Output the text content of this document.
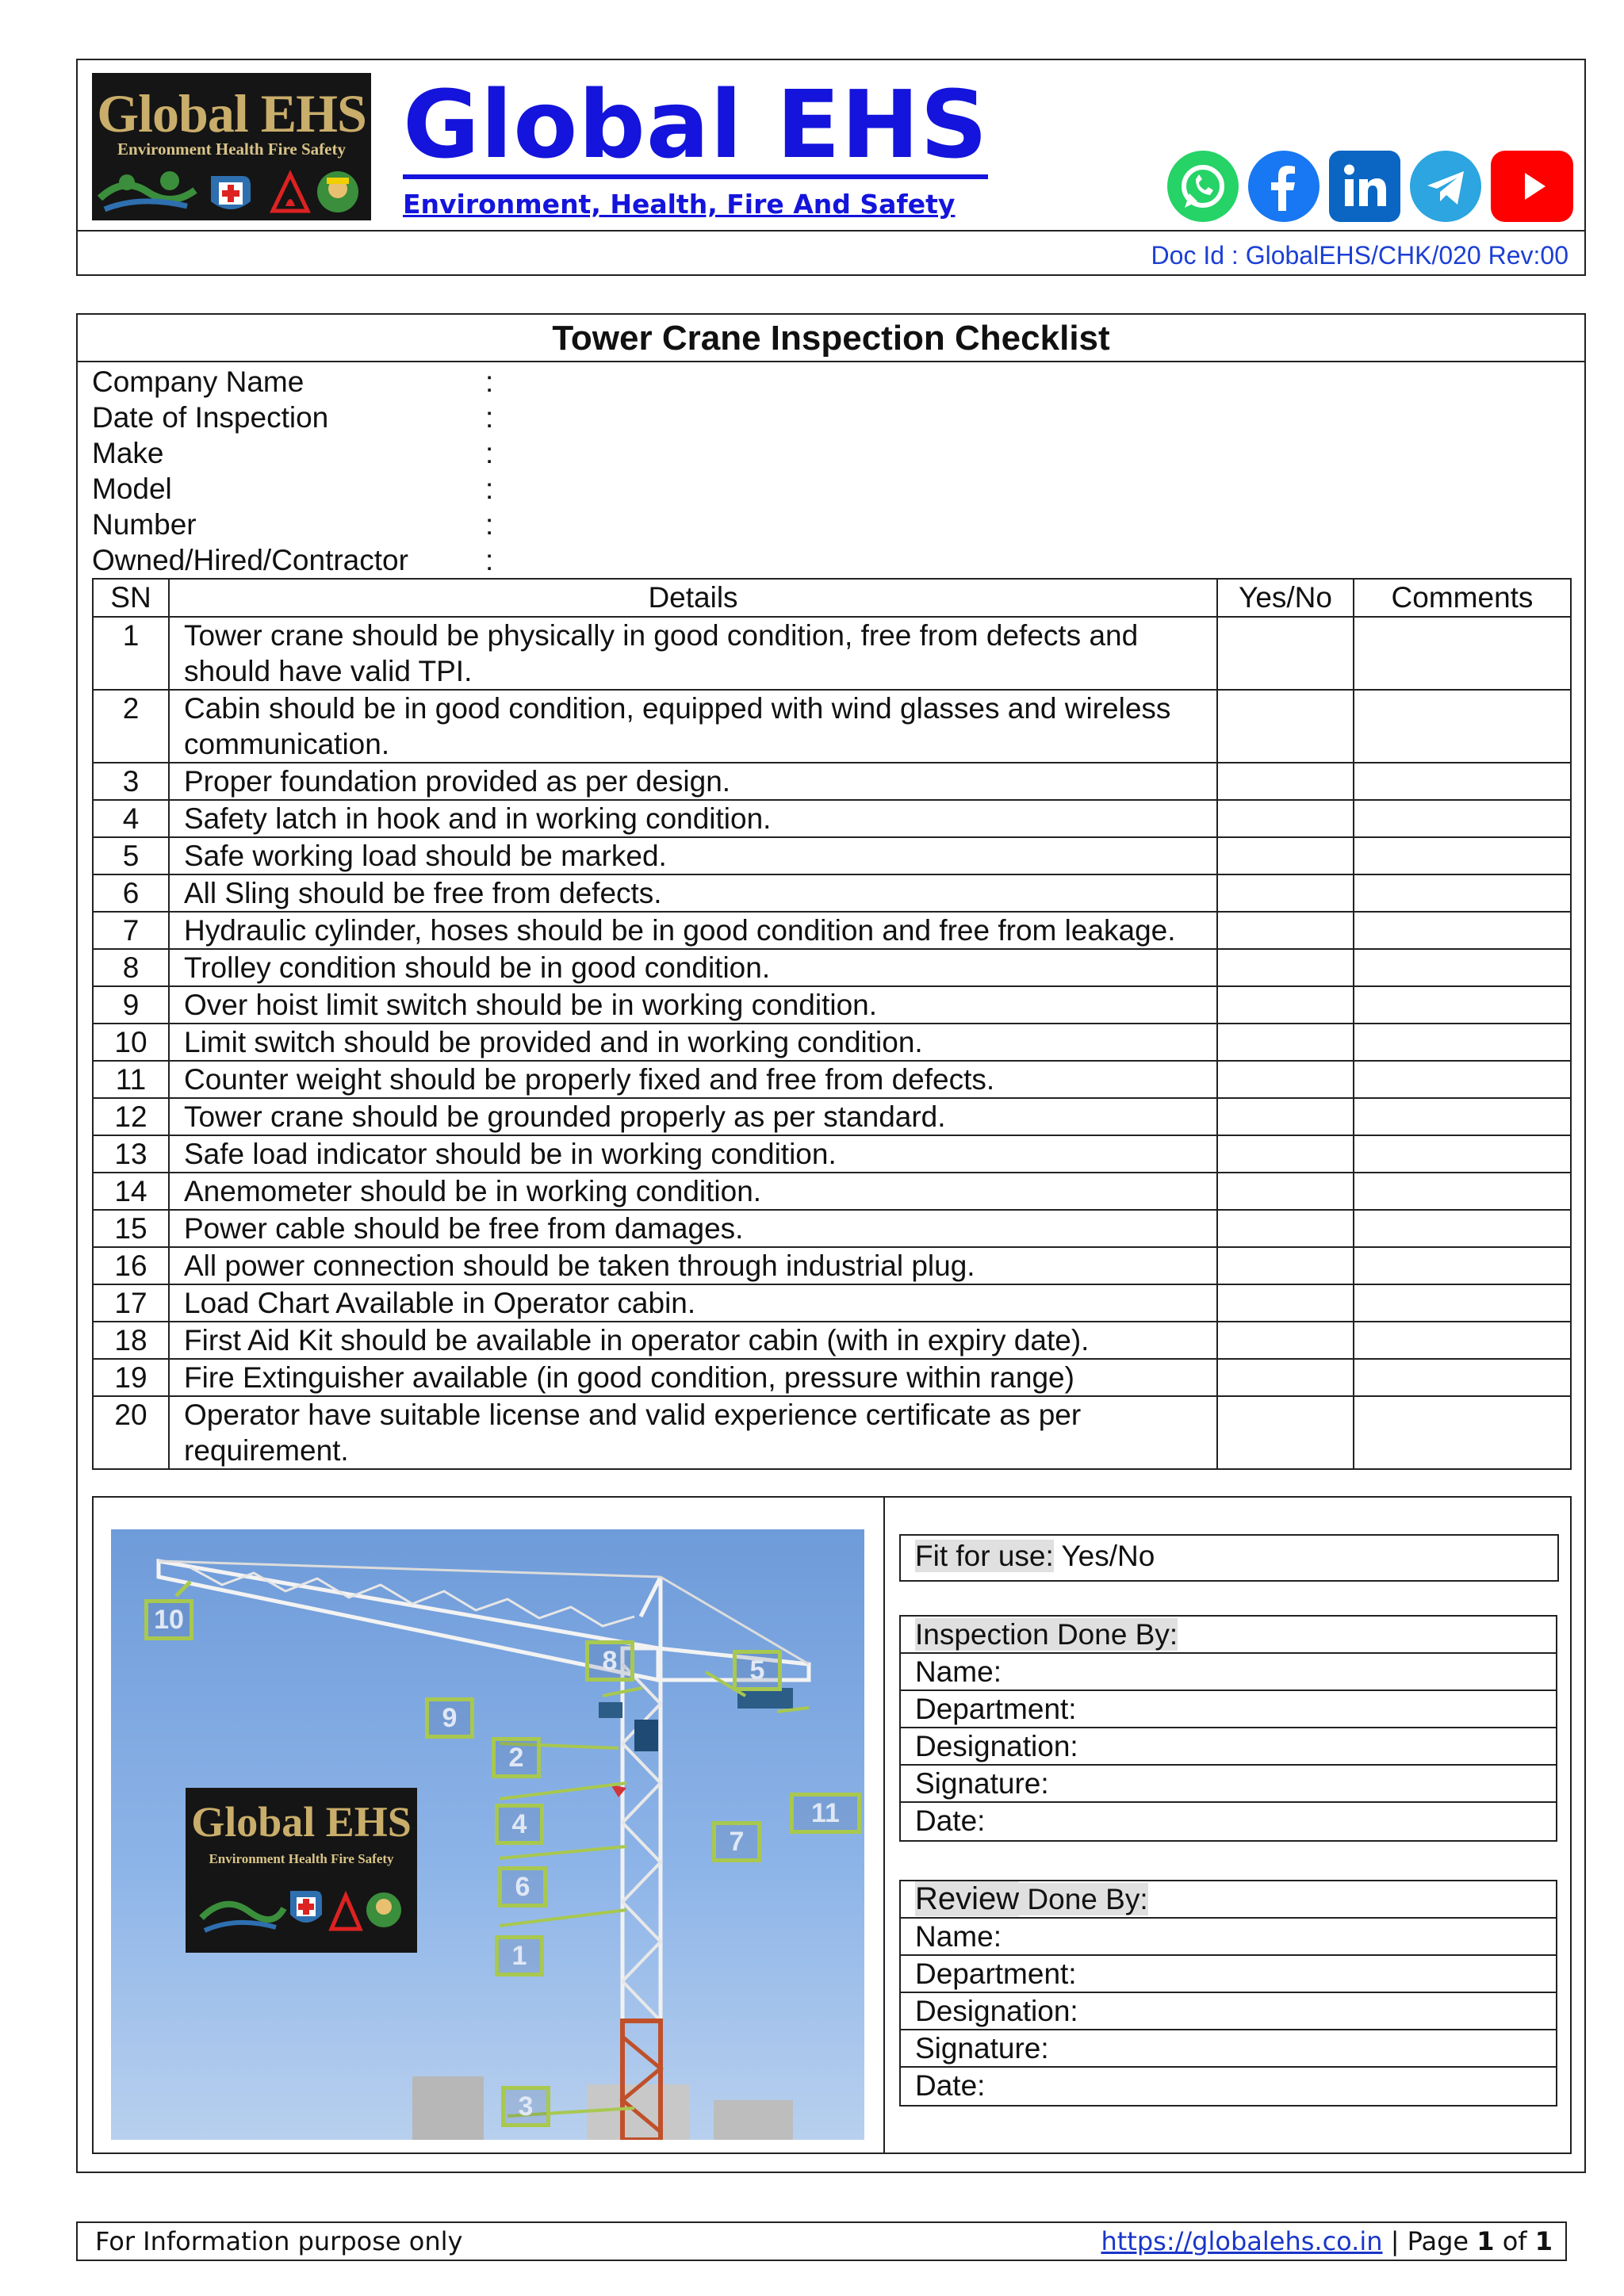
Global EHS
Environment Health Fire Safety Global EHS
Environment, Health, Fire And Safety
Doc Id : GlobalEHS/CHK/020 Rev:00
Tower Crane Inspection Checklist
Company Name	:
Date of Inspection	:
Make	:
Model	:
Number	:
Owned/Hired/Contractor	:
SN	Details	Yes/No	Comments
1	Tower crane should be physically in good condition, free from defects and should have valid TPI.		
2	Cabin should be in good condition, equipped with wind glasses and wireless communication.		
3	Proper foundation provided as per design.		
4	Safety latch in hook and in working condition.		
5	Safe working load should be marked.		
6	All Sling should be free from defects.		
7	Hydraulic cylinder, hoses should be in good condition and free from leakage.		
8	Trolley condition should be in good condition.		
9	Over hoist limit switch should be in working condition.		
10	Limit switch should be provided and in working condition.		
11	Counter weight should be properly fixed and free from defects.		
12	Tower crane should be grounded properly as per standard.		
13	Safe load indicator should be in working condition.		
14	Anemometer should be in working condition.		
15	Power cable should be free from damages.		
16	All power connection should be taken through industrial plug.		
17	Load Chart Available in Operator cabin.		
18	First Aid Kit should be available in operator cabin (with in expiry date).		
19	Fire Extinguisher available (in good condition, pressure within range)		
20	Operator have suitable license and valid experience certificate as per requirement.		
10
8	5
9
2
11
4
7
6
1
3
Global EHS
Environment Health Fire Safety
Fit for use: Yes/No
Inspection Done By:
Name:
Department:
Designation:
Signature:
Date:
Review Done By:
Name:
Department:
Designation:
Signature:
Date:
For Information purpose only	https://globalehs.co.in | Page 1 of 1
